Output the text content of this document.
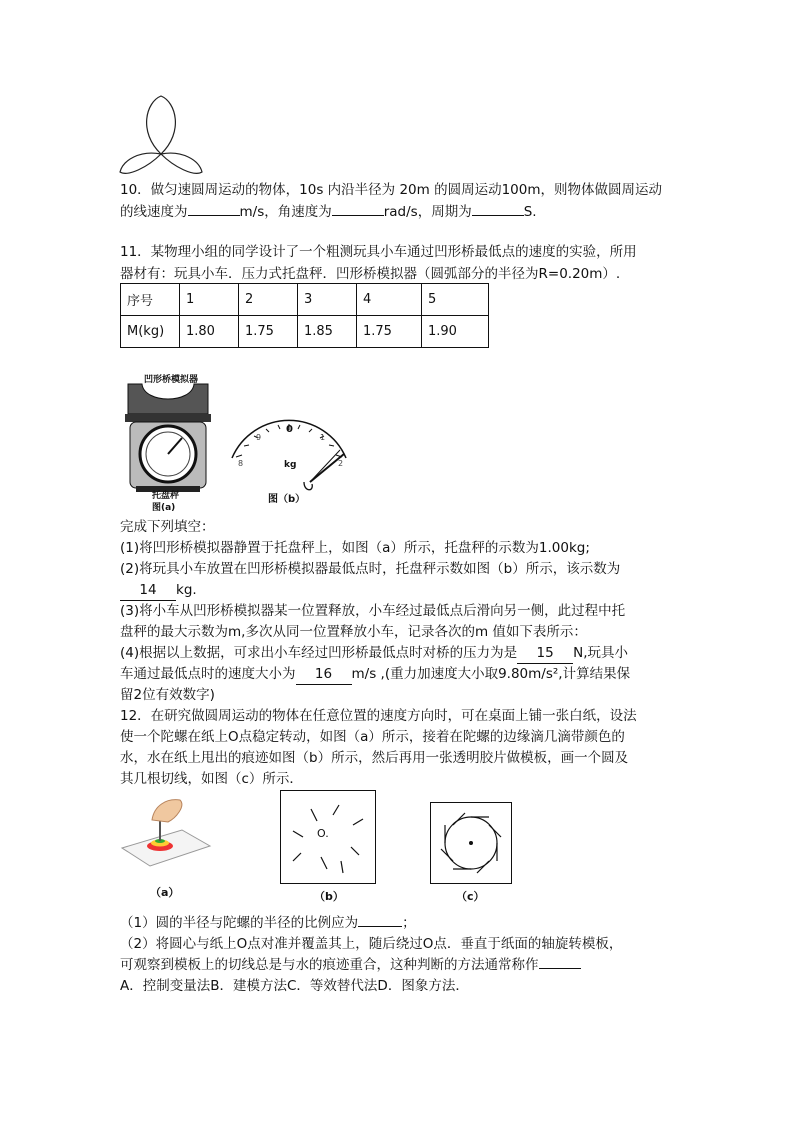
10．做匀速圆周运动的物体，10s 内沿半径为 20m 的圆周运动100m，则物体做圆周运动
的线速度为	m/s，角速度为	rad/s，周期为	S.
11．某物理小组的同学设计了一个粗测玩具小车通过凹形桥最低点的速度的实验，所用
器材有：玩具小车．压力式托盘秤．凹形桥模拟器（圆弧部分的半径为R=0.20m）.
序号	1	2	3	4	5
M(kg)	1.80	1.75	1.85	1.75	1.90
凹形桥模拟器
托盘秤
图(a)
8
9
2
1
0
kg
图（b）
完成下列填空：
(1)将凹形桥模拟器静置于托盘秤上，如图（a）所示，托盘秤的示数为1.00kg;
(2)将玩具小车放置在凹形桥模拟器最低点时，托盘秤示数如图（b）所示，该示数为
14 kg.
(3)将小车从凹形桥模拟器某一位置释放，小车经过最低点后滑向另一侧，此过程中托
盘秤的最大示数为m,多次从同一位置释放小车，记录各次的m 值如下表所示：
(4)根据以上数据，可求出小车经过凹形桥最低点时对桥的压力为是 15 N,玩具小
车通过最低点时的速度大小为 16 m/s ,(重力加速度大小取9.80m/s²,计算结果保
留2位有效数字)
12．在研究做圆周运动的物体在任意位置的速度方向时，可在桌面上铺一张白纸，设法
使一个陀螺在纸上O点稳定转动，如图（a）所示，接着在陀螺的边缘滴几滴带颜色的
水，水在纸上甩出的痕迹如图（b）所示，然后再用一张透明胶片做模板，画一个圆及
其几根切线，如图（c）所示．
（a）
O.
（b）	（c）
（1）圆的半径与陀螺的半径的比例应为	；
（2）将圆心与纸上O点对准并覆盖其上，随后绕过O点．垂直于纸面的轴旋转模板，
可观察到模板上的切线总是与水的痕迹重合，这种判断的方法通常称作
A．控制变量法B．建模方法C．等效替代法D．图象方法．
